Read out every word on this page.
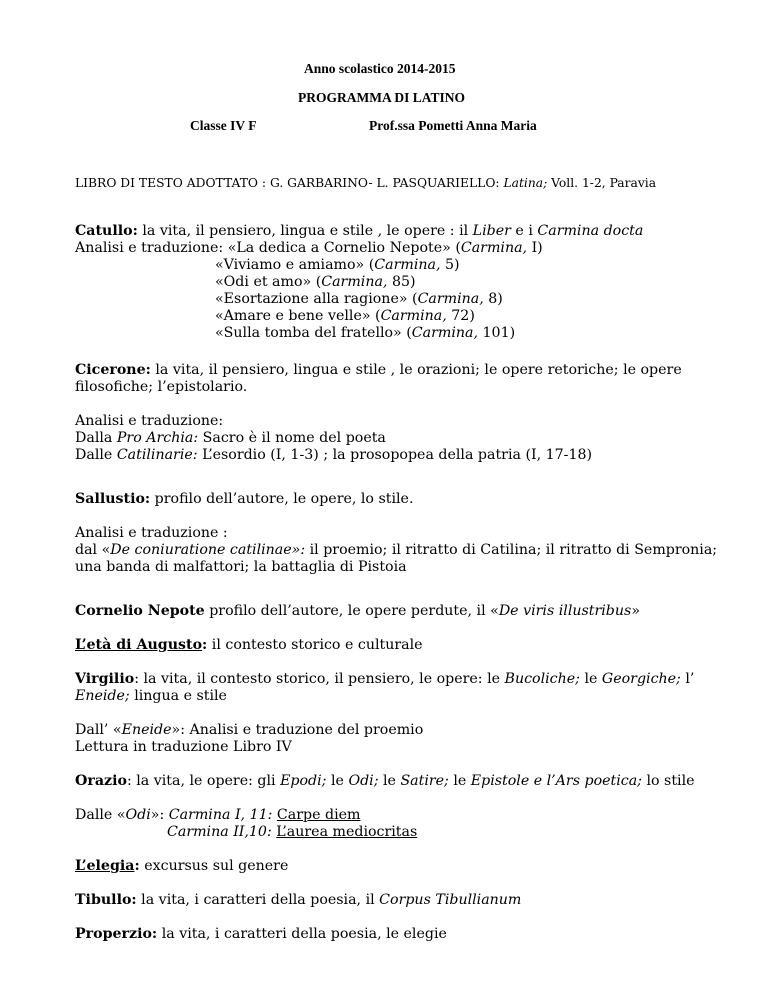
Anno scolastico 2014-2015
PROGRAMMA DI LATINO
Classe IV F	Prof.ssa Pometti Anna Maria
LIBRO DI TESTO ADOTTATO : G. GARBARINO- L. PASQUARIELLO: Latina; Voll. 1-2, Paravia
Catullo: la vita, il pensiero, lingua e stile , le opere : il Liber e i Carmina docta
Analisi e traduzione: «La dedica a Cornelio Nepote» (Carmina, I)
«Viviamo e amiamo» (Carmina, 5)
«Odi et amo» (Carmina, 85)
«Esortazione alla ragione» (Carmina, 8)
«Amare e bene velle» (Carmina, 72)
«Sulla tomba del fratello» (Carmina, 101)
Cicerone: la vita, il pensiero, lingua e stile , le orazioni; le opere retoriche; le opere
filosofiche; l’epistolario.
Analisi e traduzione:
Dalla Pro Archia: Sacro è il nome del poeta
Dalle Catilinarie: L’esordio (I, 1-3) ; la prosopopea della patria (I, 17-18)
Sallustio: profilo dell’autore, le opere, lo stile.
Analisi e traduzione :
dal «De coniuratione catilinae»: il proemio; il ritratto di Catilina; il ritratto di Sempronia;
una banda di malfattori; la battaglia di Pistoia
Cornelio Nepote profilo dell’autore, le opere perdute, il «De viris illustribus»
L’età di Augusto: il contesto storico e culturale
Virgilio: la vita, il contesto storico, il pensiero, le opere: le Bucoliche; le Georgiche; l’
Eneide; lingua e stile
Dall’ «Eneide»: Analisi e traduzione del proemio
Lettura in traduzione Libro IV
Orazio: la vita, le opere: gli Epodi; le Odi; le Satire; le Epistole e l’Ars poetica; lo stile
Dalle «Odi»: Carmina I, 11: Carpe diem
Carmina II,10: L’aurea mediocritas
L’elegia: excursus sul genere
Tibullo: la vita, i caratteri della poesia, il Corpus Tibullianum
Properzio: la vita, i caratteri della poesia, le elegie
